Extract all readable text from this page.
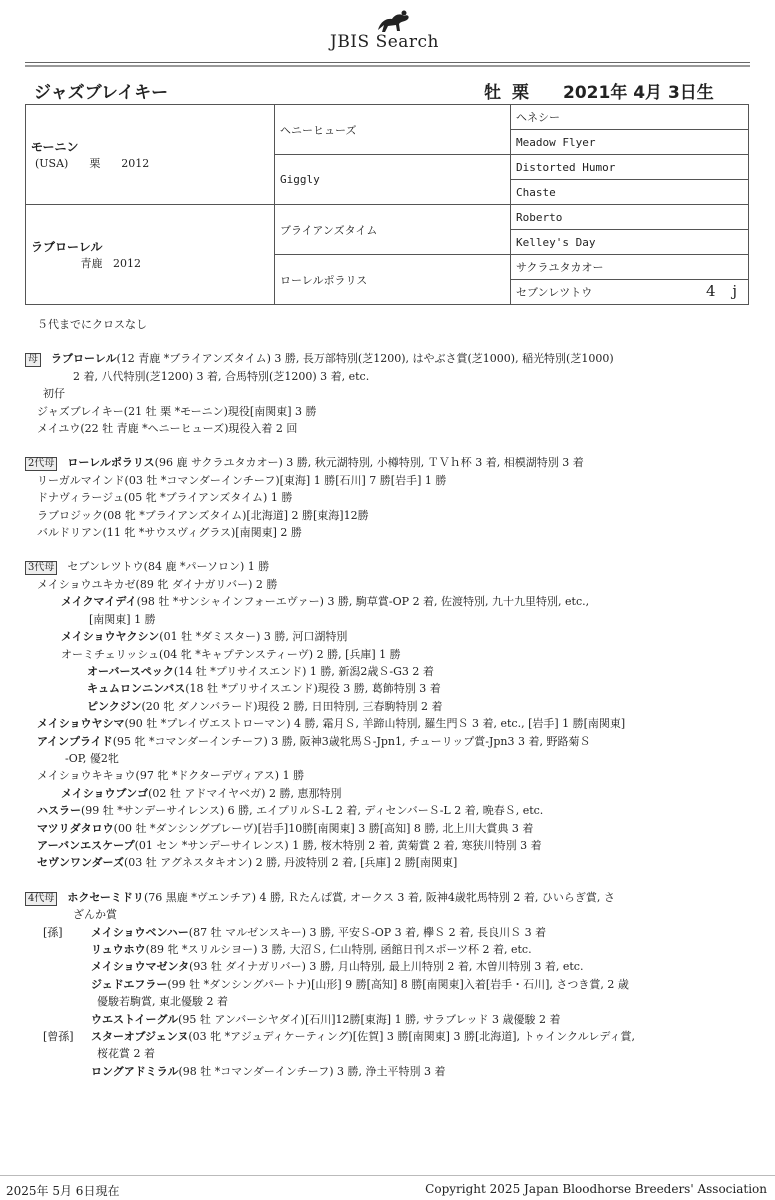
JBIS Search
ジャズブレイキー	牡 栗 2021年 4月 3日生
モーニン
(USA)      栗      2012	ヘニーヒューズ	ヘネシー
		Meadow Flyer
	Giggly	Distorted Humor
		Chaste

ラブローレル
青鹿   2012	ブライアンズタイム	Roberto
		Kelley's Day
	ローレルポラリス	サクラユタカオー
		セブンレツトウ 4 j
５代までにクロスなし
母 ラブローレル(12 青鹿 *ブライアンズタイム) 3 勝, 長万部特別(芝1200), はやぶさ賞(芝1000), 稲光特別(芝1000)
2 着, 八代特別(芝1200) 3 着, 合馬特別(芝1200) 3 着, etc.
初仔
ジャズブレイキー(21 牡 栗 *モーニン)現役[南関東] 3 勝
メイユウ(22 牡 青鹿 *ヘニーヒューズ)現役入着 2 回
2代母 ローレルポラリス(96 鹿 サクラユタカオー) 3 勝, 秋元湖特別, 小樽特別, ＴＶｈ杯 3 着, 相模湖特別 3 着
リーガルマインド(03 牡 *コマンダーインチーフ)[東海] 1 勝[石川] 7 勝[岩手] 1 勝
ドナヴィラージュ(05 牝 *ブライアンズタイム) 1 勝
ラブロジック(08 牝 *ブライアンズタイム)[北海道] 2 勝[東海]12勝
バルドリアン(11 牝 *サウスヴィグラス)[南関東] 2 勝
3代母 セブンレツトウ(84 鹿 *パーソロン) 1 勝
メイショウユキカゼ(89 牝 ダイナガリバー) 2 勝
メイクマイデイ(98 牡 *サンシャインフォーエヴァー) 3 勝, 駒草賞-OP 2 着, 佐渡特別, 九十九里特別, etc.,
[南関東] 1 勝
メイショウヤクシン(01 牡 *ダミスター) 3 勝, 河口湖特別
オーミチェリッシュ(04 牝 *キャプテンスティーヴ) 2 勝, [兵庫] 1 勝
オーバースペック(14 牡 *プリサイスエンド) 1 勝, 新潟2歳Ｓ-G3 2 着
キュムロンニンバス(18 牡 *プリサイスエンド)現役 3 勝, 葛飾特別 3 着
ピンクジン(20 牝 ダノンバラード)現役 2 勝, 日田特別, 三春駒特別 2 着
メイショウヤシマ(90 牡 *プレイヴエストローマン) 4 勝, 霜月Ｓ, 羊蹄山特別, 羅生門Ｓ 3 着, etc., [岩手] 1 勝[南関東]
アインプライド(95 牝 *コマンダーインチーフ) 3 勝, 阪神3歳牝馬Ｓ-Jpn1, チューリップ賞-Jpn3 3 着, 野路菊Ｓ
-OP, 優2牝
メイショウキキョウ(97 牝 *ドクターデヴィアス) 1 勝
メイショウブンゴ(02 牡 アドマイヤベガ) 2 勝, 恵那特別
ハスラー(99 牡 *サンデーサイレンス) 6 勝, エイプリルＳ-L 2 着, ディセンバーＳ-L 2 着, 晩春Ｓ, etc.
マツリダタロウ(00 牡 *ダンシングブレーヴ)[岩手]10勝[南関東] 3 勝[高知] 8 勝, 北上川大賞典 3 着
アーバンエスケープ(01 セン *サンデーサイレンス) 1 勝, 桜木特別 2 着, 黄菊賞 2 着, 寒狭川特別 3 着
セヴンワンダーズ(03 牡 アグネスタキオン) 2 勝, 丹波特別 2 着, [兵庫] 2 勝[南関東]
4代母 ホクセーミドリ(76 黒鹿 *ヴエンチア) 4 勝, Ｒたんぱ賞, オークス 3 着, 阪神4歳牝馬特別 2 着, ひいらぎ賞, さ
ざんか賞
[孫]	メイショウベンハー(87 牡 マルゼンスキー) 3 勝, 平安Ｓ-OP 3 着, 欅Ｓ 2 着, 長良川Ｓ 3 着
リュウホウ(89 牝 *スリルシヨー) 3 勝, 大沼Ｓ, 仁山特別, 函館日刊スポーツ杯 2 着, etc.
メイショウマゼンタ(93 牡 ダイナガリバー) 3 勝, 月山特別, 最上川特別 2 着, 木曽川特別 3 着, etc.
ジェドエフラー(99 牡 *ダンシングパートナ)[山形] 9 勝[高知] 8 勝[南関東]入着[岩手・石川], さつき賞, 2 歳
優駿若駒賞, 東北優駿 2 着
ウエストイーグル(95 牡 アンバーシヤダイ)[石川]12勝[東海] 1 勝, サラブレッド 3 歳優駿 2 着
[曾孫] スターオブジェンヌ(03 牝 *アジュディケーティング)[佐賀] 3 勝[南関東] 3 勝[北海道], トゥインクルレディ賞,
桜花賞 2 着
ロングアドミラル(98 牡 *コマンダーインチーフ) 3 勝, 浄土平特別 3 着
2025年 5月 6日現在	Copyright 2025 Japan Bloodhorse Breeders' Association
